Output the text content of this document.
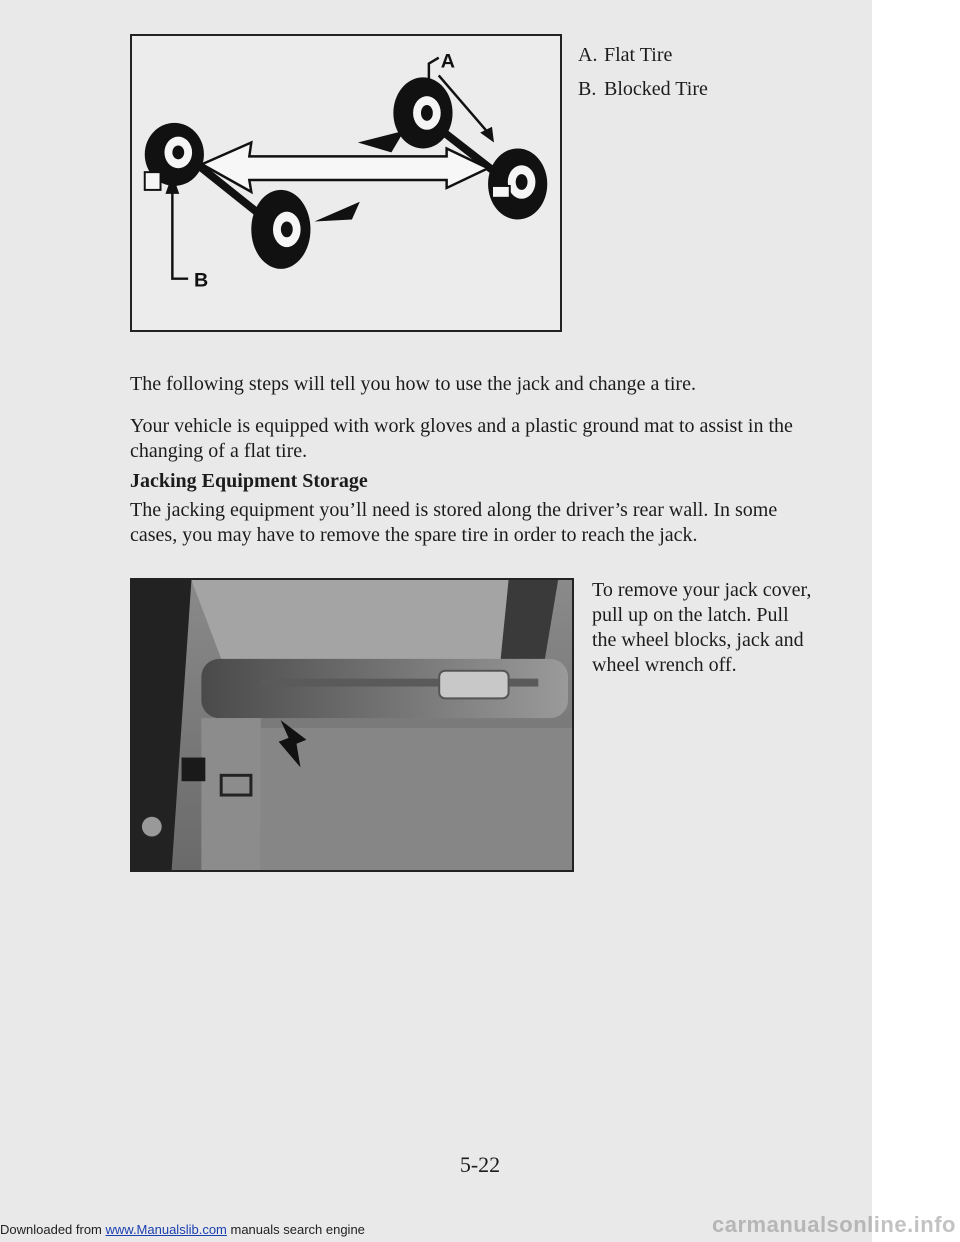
A
B
A. Flat Tire
B. Blocked Tire

The following steps will tell you how to use the jack and change a tire.

Your vehicle is equipped with work gloves and a plastic ground mat to assist in the changing of a flat tire.

Jacking Equipment Storage

The jacking equipment you’ll need is stored along the driver’s rear wall. In some cases, you may have to remove the spare tire in order to reach the jack.

To remove your jack cover, pull up on the latch. Pull the wheel blocks, jack and wheel wrench off.

5-22
Downloaded from www.Manualslib.com manuals search engine	carmanualsonline.info
